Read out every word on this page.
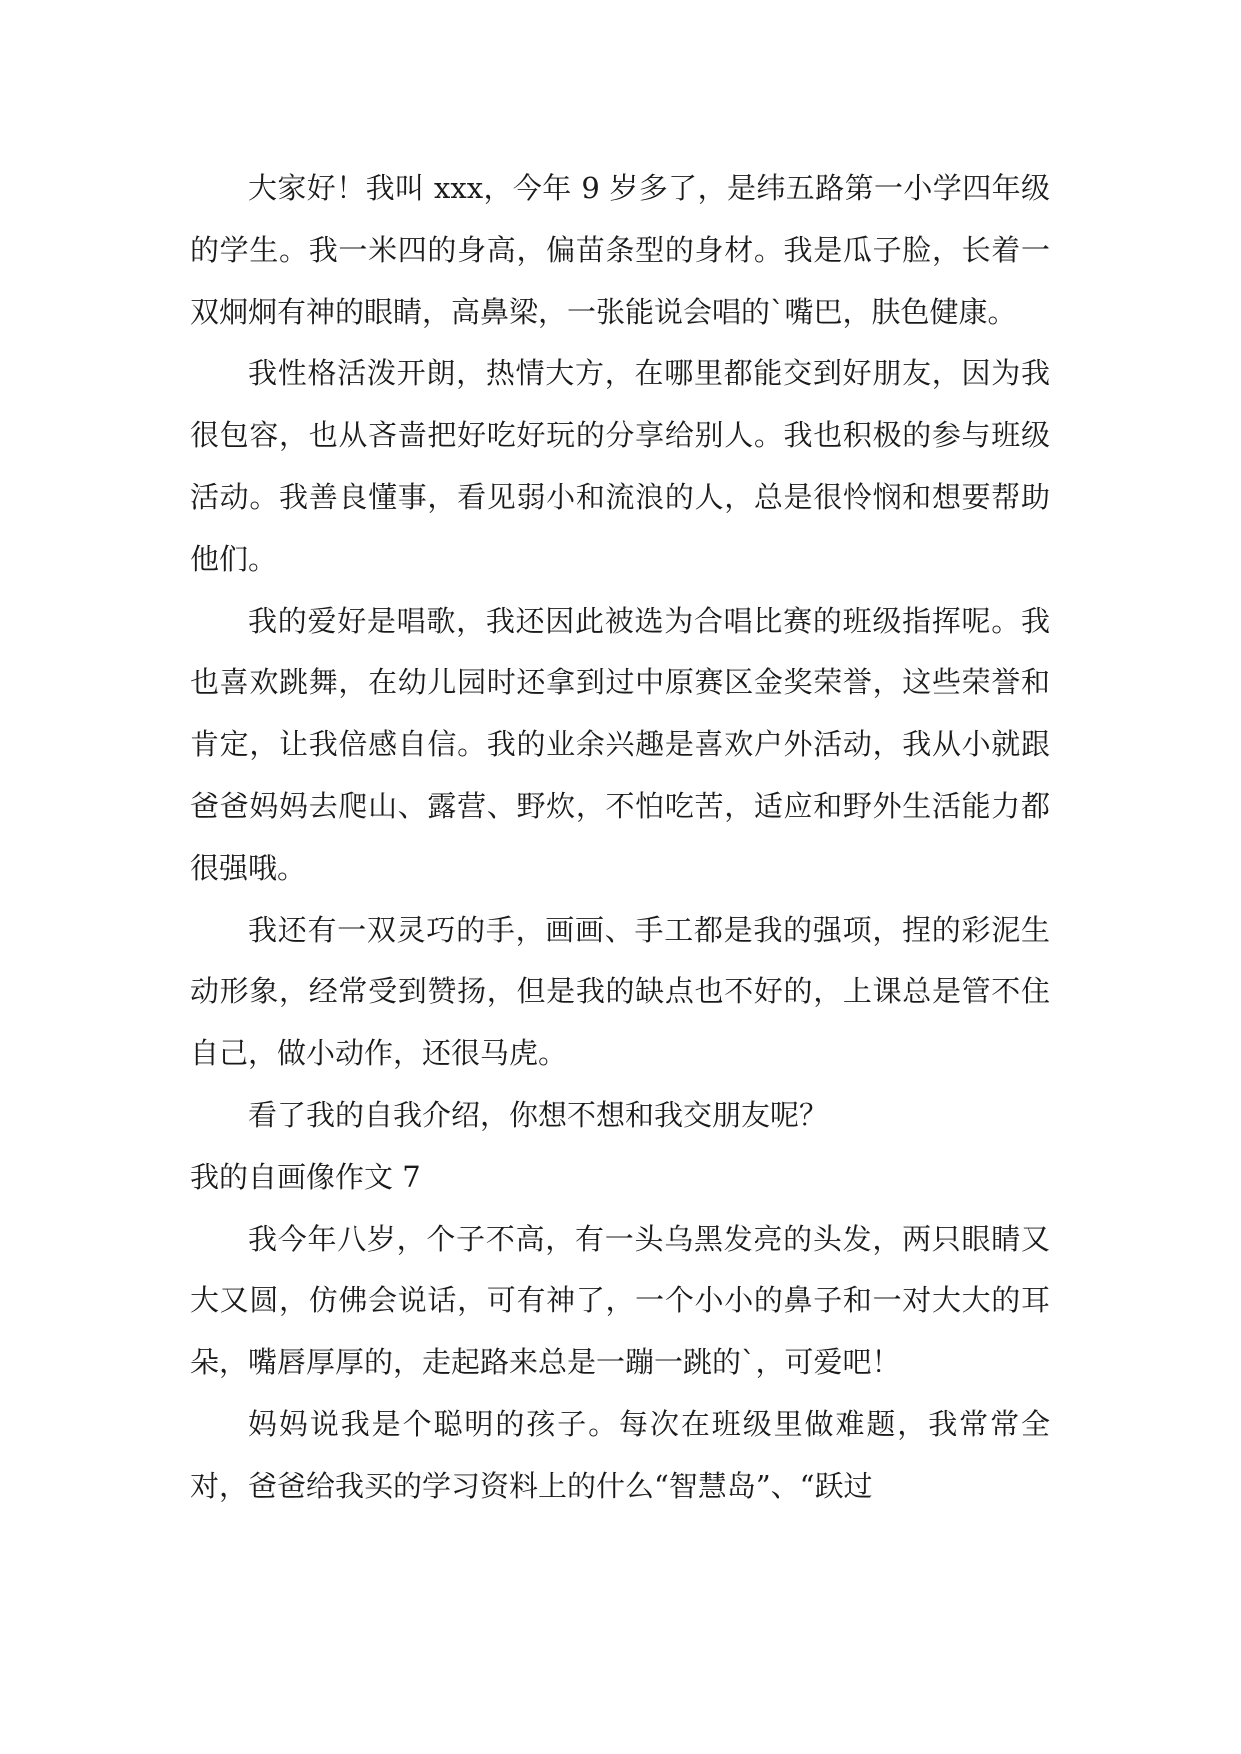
大家好！我叫 xxx，今年 9 岁多了，是纬五路第一小学四年级的学生。我一米四的身高，偏苗条型的身材。我是瓜子脸，长着一双炯炯有神的眼睛，高鼻梁，一张能说会唱的`嘴巴，肤色健康。

我性格活泼开朗，热情大方，在哪里都能交到好朋友，因为我很包容，也从吝啬把好吃好玩的分享给别人。我也积极的参与班级活动。我善良懂事，看见弱小和流浪的人，总是很怜悯和想要帮助他们。

我的爱好是唱歌，我还因此被选为合唱比赛的班级指挥呢。我也喜欢跳舞，在幼儿园时还拿到过中原赛区金奖荣誉，这些荣誉和肯定，让我倍感自信。我的业余兴趣是喜欢户外活动，我从小就跟爸爸妈妈去爬山、露营、野炊，不怕吃苦，适应和野外生活能力都很强哦。

我还有一双灵巧的手，画画、手工都是我的强项，捏的彩泥生动形象，经常受到赞扬，但是我的缺点也不好的，上课总是管不住自己，做小动作，还很马虎。

看了我的自我介绍，你想不想和我交朋友呢？

我的自画像作文 7

我今年八岁，个子不高，有一头乌黑发亮的头发，两只眼睛又大又圆，仿佛会说话，可有神了，一个小小的鼻子和一对大大的耳朵，嘴唇厚厚的，走起路来总是一蹦一跳的`，可爱吧！

妈妈说我是个聪明的孩子。每次在班级里做难题，我常常全对，爸爸给我买的学习资料上的什么“智慧岛”、“跃过
